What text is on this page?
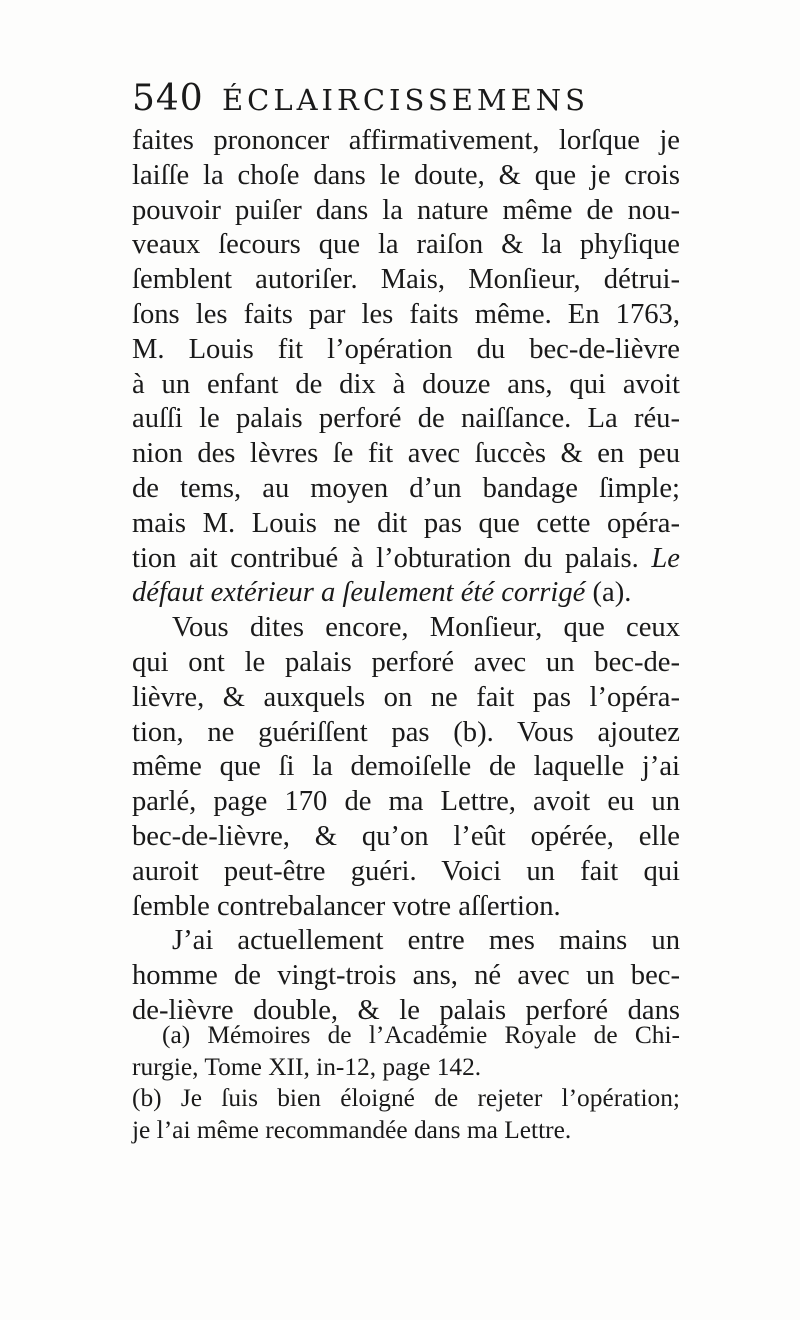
540 ÉCLAIRCISSEMENS
faites prononcer affirmativement, lorſque je
laiſſe la choſe dans le doute, & que je crois
pouvoir puiſer dans la nature même de nou-
veaux ſecours que la raiſon & la phyſique
ſemblent autoriſer. Mais, Monſieur, détrui-
ſons les faits par les faits même. En 1763,
M. Louis fit l’opération du bec-de-lièvre
à un enfant de dix à douze ans, qui avoit
auſſi le palais perforé de naiſſance. La réu-
nion des lèvres ſe fit avec ſuccès & en peu
de tems, au moyen d’un bandage ſimple;
mais M. Louis ne dit pas que cette opéra-
tion ait contribué à l’obturation du palais. Le
défaut extérieur a ſeulement été corrigé (a).
Vous dites encore, Monſieur, que ceux
qui ont le palais perforé avec un bec-de-
lièvre, & auxquels on ne fait pas l’opéra-
tion, ne guériſſent pas (b). Vous ajoutez
même que ſi la demoiſelle de laquelle j’ai
parlé, page 170 de ma Lettre, avoit eu un
bec-de-lièvre, & qu’on l’eût opérée, elle
auroit peut-être guéri. Voici un fait qui
ſemble contrebalancer votre aſſertion.
J’ai actuellement entre mes mains un
homme de vingt-trois ans, né avec un bec-
de-lièvre double, & le palais perforé dans
(a) Mémoires de l’Académie Royale de Chi-
rurgie, Tome XII, in-12, page 142.
(b) Je ſuis bien éloigné de rejeter l’opération;
je l’ai même recommandée dans ma Lettre.
